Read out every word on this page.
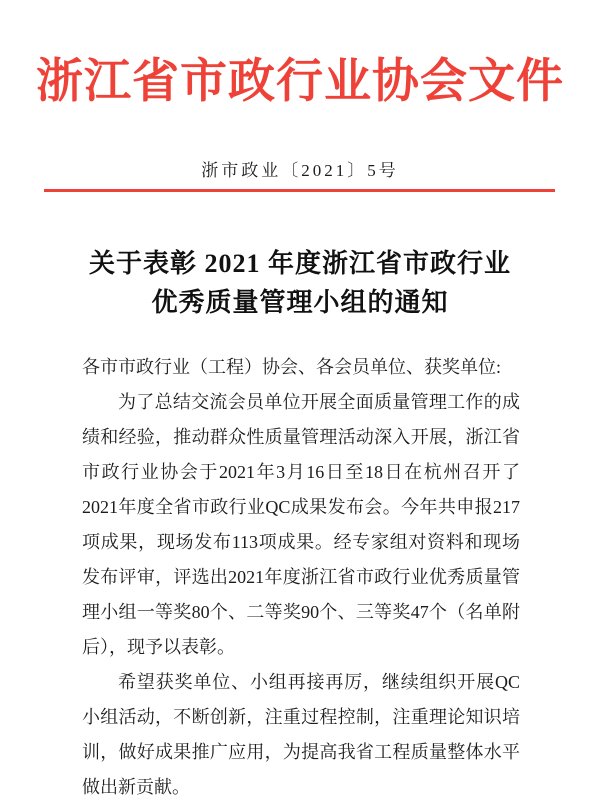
浙江省市政行业协会文件
浙市政业〔2021〕5号
关于表彰 2021 年度浙江省市政行业
优秀质量管理小组的通知

各市市政行业（工程）协会、各会员单位、获奖单位:

为了总结交流会员单位开展全面质量管理工作的成绩和经验，推动群众性质量管理活动深入开展，浙江省市政行业协会于2021年3月16日至18日在杭州召开了2021年度全省市政行业QC成果发布会。今年共申报217项成果，现场发布113项成果。经专家组对资料和现场发布评审，评选出2021年度浙江省市政行业优秀质量管理小组一等奖80个、二等奖90个、三等奖47个（名单附后），现予以表彰。

希望获奖单位、小组再接再厉，继续组织开展QC小组活动，不断创新，注重过程控制，注重理论知识培训，做好成果推广应用，为提高我省工程质量整体水平做出新贡献。
